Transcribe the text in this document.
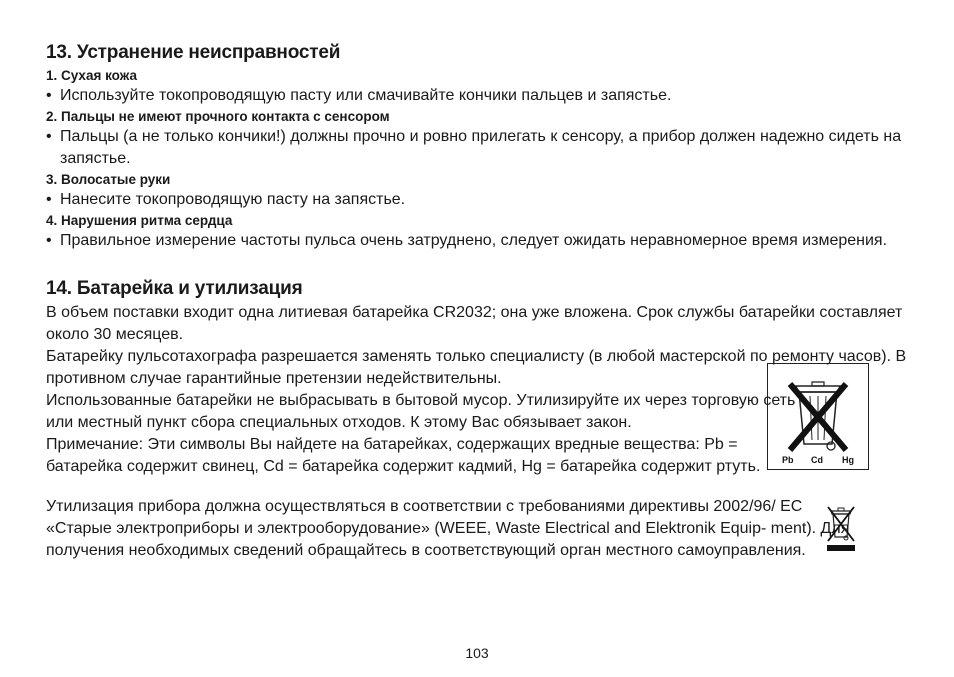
13. Устранение неисправностей
1. Сухая кожа
• Используйте токопроводящую пасту или смачивайте кончики пальцев и запястье.
2. Пальцы не имеют прочного контакта с сенсором
• Пальцы (а не только кончики!) должны прочно и ровно прилегать к сенсору, а прибор должен надежно сидеть на запястье.
3. Волосатые руки
• Нанесите токопроводящую пасту на запястье.
4. Нарушения ритма сердца
• Правильное измерение частоты пульса очень затруднено, следует ожидать неравномерное время измерения.
14. Батарейка и утилизация

В объем поставки входит одна литиевая батарейка CR2032; она уже вложена. Срок службы батарейки составляет около 30 месяцев.

Батарейку пульсотахографа разрешается заменять только специалисту (в любой мастерской по ремонту часов). В противном случае гарантийные претензии недействительны.

Использованные батарейки не выбрасывать в бытовой мусор. Утилизируйте их через торговую сеть или местный пункт сбора специальных отходов. К этому Вас обязывает закон.

Примечание: Эти символы Вы найдете на батарейках, содержащих вредные вещества: Pb = батарейка содержит свинец, Cd = батарейка содержит кадмий, Hg = батарейка содержит ртуть.

Утилизация прибора должна осуществляться в соответствии с требованиями директивы 2002/96/ EC «Старые электроприборы и электрооборудование» (WEEE, Waste Electrical and Elektronik Equip- ment). Для получения необходимых сведений обращайтесь в соответствующий орган местного самоуправления.

Pb Cd Hg
103
